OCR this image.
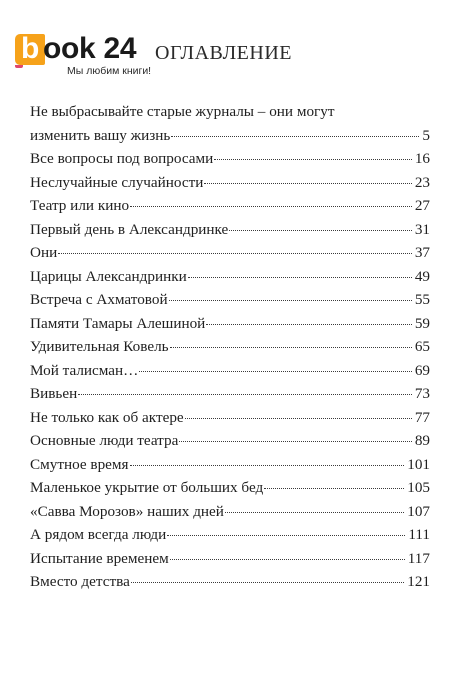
b ook 24
Мы любим книги!
ОГЛАВЛЕНИЕ
Не выбрасывайте старые журналы – они могут
изменить вашу жизнь	5
Все вопросы под вопросами	16
Неслучайные случайности	23
Театр или кино	27
Первый день в Александринке	31
Они	37
Царицы Александринки	49
Встреча с Ахматовой	55
Памяти Тамары Алешиной	59
Удивительная Ковель	65
Мой талисман…	69
Вивьен	73
Не только как об актере	77
Основные люди театра	89
Смутное время	101
Маленькое укрытие от больших бед	105
«Савва Морозов» наших дней	107
А рядом всегда люди	111
Испытание временем	117
Вместо детства	121
